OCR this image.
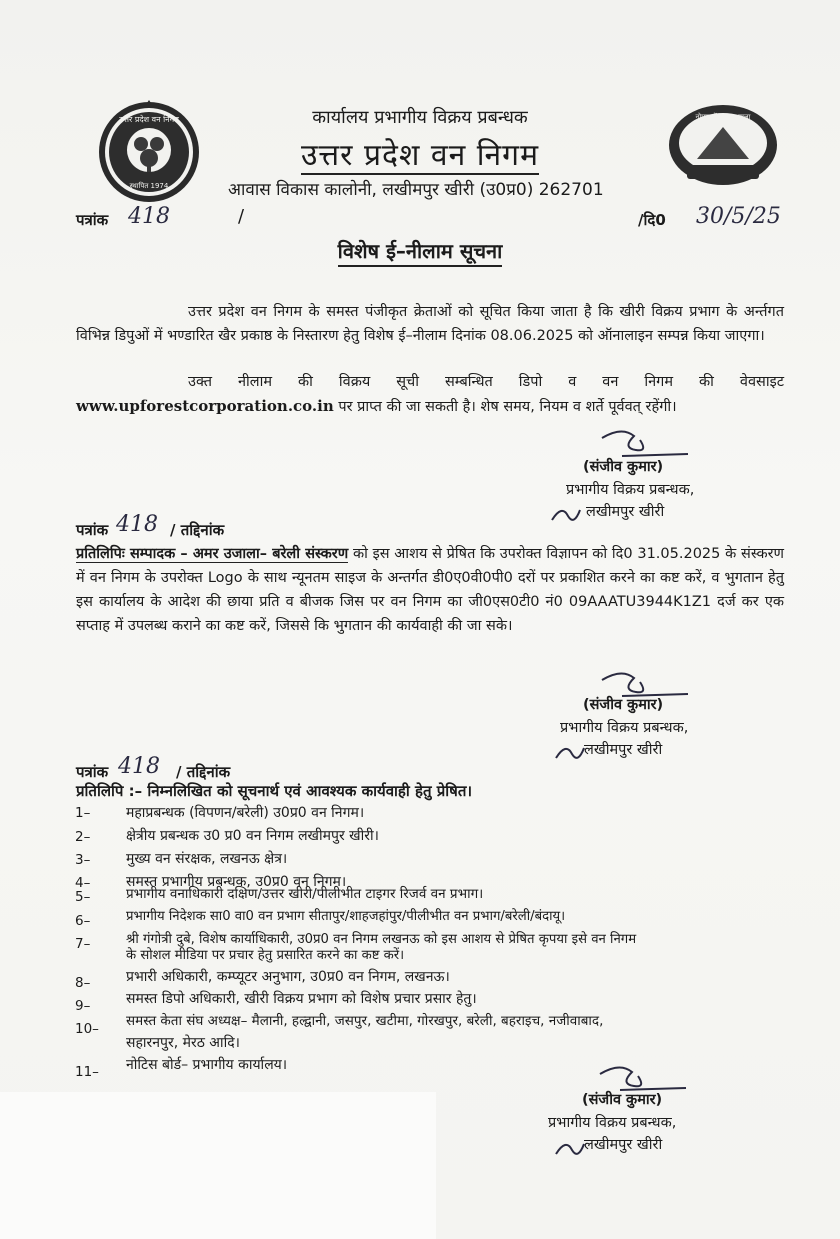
उत्तर प्रदेश वन निगम
स्थापित 1974
नोएडा फ्रेंड बहुत वाला
कार्यालय प्रभागीय विक्रय प्रबन्धक
उत्तर प्रदेश वन निगम
आवास विकास कालोनी, लखीमपुर खीरी (उ0प्र0) 262701
पत्रांक 418	/	/दि0 30/5/25
विशेष ई–नीलाम सूचना
उत्तर प्रदेश वन निगम के समस्त पंजीकृत क्रेताओं को सूचित किया जाता है कि खीरी विक्रय प्रभाग के अर्न्तगत विभिन्न डिपुओं में भण्डारित खैर प्रकाष्ठ के निस्तारण हेतु विशेष ई–नीलाम दिनांक 08.06.2025 को ऑनालाइन सम्पन्न किया जाएगा।
उक्त नीलाम की विक्रय सूची सम्बन्धित डिपो व वन निगम की वेवसाइट www.upforestcorporation.co.in पर प्राप्त की जा सकती है। शेष समय, नियम व शर्ते पूर्ववत् रहेंगी।
(संजीव कुमार)
प्रभागीय विक्रय प्रबन्धक,
लखीमपुर खीरी
पत्रांक 418 / तद्दिनांक
प्रतिलिपिः सम्पादक – अमर उजाला– बरेली संस्करण को इस आशय से प्रेषित कि उपरोक्त विज्ञापन को दि0 31.05.2025 के संस्करण में वन निगम के उपरोक्त Logo के साथ न्यूनतम साइज के अन्तर्गत डी0ए0वी0पी0 दरों पर प्रकाशित करने का कष्ट करें, व भुगतान हेतु इस कार्यालय के आदेश की छाया प्रति व बीजक जिस पर वन निगम का जी0एस0टी0 नं0 09AAATU3944K1Z1 दर्ज कर एक सप्ताह में उपलब्ध कराने का कष्ट करें, जिससे कि भुगतान की कार्यवाही की जा सके।
(संजीव कुमार)
प्रभागीय विक्रय प्रबन्धक,
लखीमपुर खीरी
पत्रांक 418 / तद्दिनांक
प्रतिलिपि :– निम्नलिखित को सूचनार्थ एवं आवश्यक कार्यवाही हेतु प्रेषित।
1–	महाप्रबन्धक (विपणन/बरेली) उ0प्र0 वन निगम।
2–	क्षेत्रीय प्रबन्धक उ0 प्र0 वन निगम लखीमपुर खीरी।
3–	मुख्य वन संरक्षक, लखनऊ क्षेत्र।
4–	समस्त प्रभागीय प्रबन्धक, उ0प्र0 वन निगम।
5–	प्रभागीय वनाधिकारी दक्षिण/उत्तर खीरी/पीलीभीत टाइगर रिजर्व वन प्रभाग।
6–	प्रभागीय निदेशक सा0 वा0 वन प्रभाग सीतापुर/शाहजहांपुर/पीलीभीत वन प्रभाग/बरेली/बंदायू।
7–	श्री गंगोत्री दुबे, विशेष कार्याधिकारी, उ0प्र0 वन निगम लखनऊ को इस आशय से प्रेषित कृपया इसे वन निगम
के सोशल मीडिया पर प्रचार हेतु प्रसारित करने का कष्ट करें।
8–	प्रभारी अधिकारी, कम्प्यूटर अनुभाग, उ0प्र0 वन निगम, लखनऊ।
9–	समस्त डिपो अधिकारी, खीरी विक्रय प्रभाग को विशेष प्रचार प्रसार हेतु।
10– समस्त केता संघ अध्यक्ष– मैलानी, हल्द्वानी, जसपुर, खटीमा, गोरखपुर, बरेली, बहराइच, नजीवाबाद,
सहारनपुर, मेरठ आदि।
11– नोटिस बोर्ड– प्रभागीय कार्यालय।
(संजीव कुमार)
प्रभागीय विक्रय प्रबन्धक,
लखीमपुर खीरी
